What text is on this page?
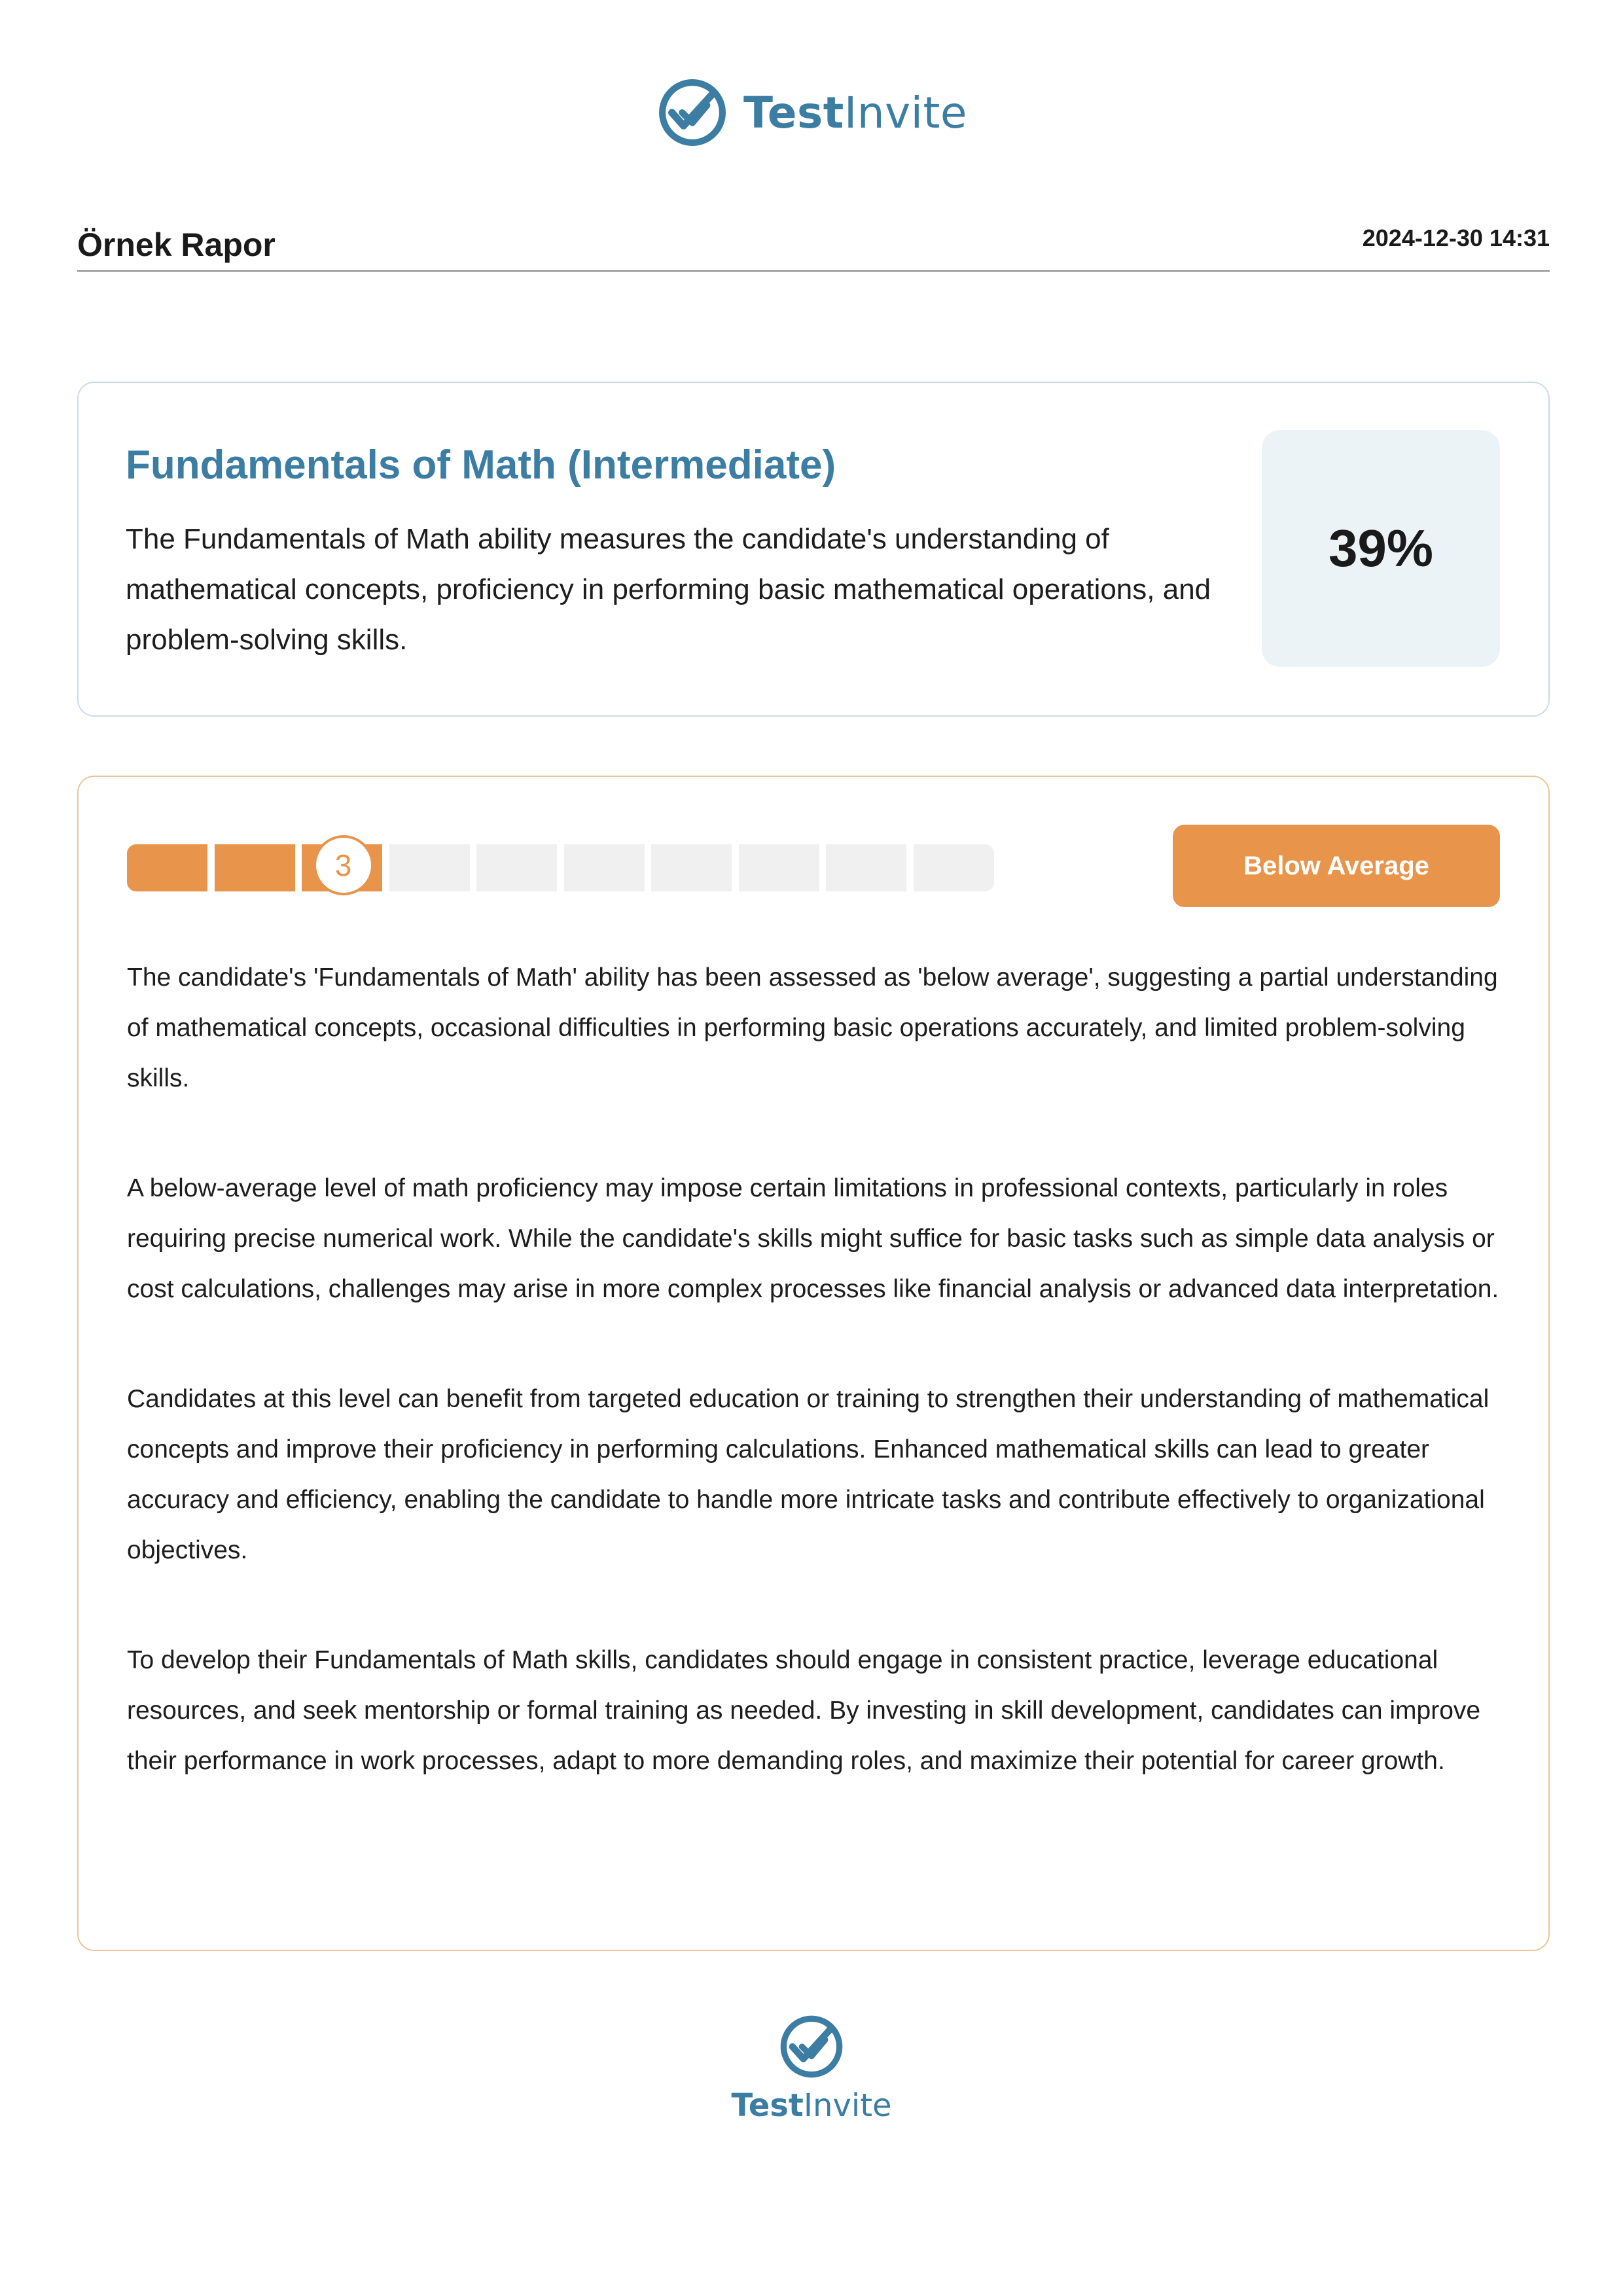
TestInvite
Örnek Rapor	2024-12-30 14:31
Fundamentals of Math (Intermediate)
The Fundamentals of Math ability measures the candidate's understanding of mathematical concepts, proficiency in performing basic mathematical operations, and problem-solving skills.
39%
3	Below Average

The candidate's 'Fundamentals of Math' ability has been assessed as 'below average', suggesting a partial understanding of mathematical concepts, occasional difficulties in performing basic operations accurately, and limited problem-solving skills.

A below-average level of math proficiency may impose certain limitations in professional contexts, particularly in roles requiring precise numerical work. While the candidate's skills might suffice for basic tasks such as simple data analysis or cost calculations, challenges may arise in more complex processes like financial analysis or advanced data interpretation.

Candidates at this level can benefit from targeted education or training to strengthen their understanding of mathematical concepts and improve their proficiency in performing calculations. Enhanced mathematical skills can lead to greater accuracy and efficiency, enabling the candidate to handle more intricate tasks and contribute effectively to organizational objectives.

To develop their Fundamentals of Math skills, candidates should engage in consistent practice, leverage educational resources, and seek mentorship or formal training as needed. By investing in skill development, candidates can improve their performance in work processes, adapt to more demanding roles, and maximize their potential for career growth.

TestInvite
